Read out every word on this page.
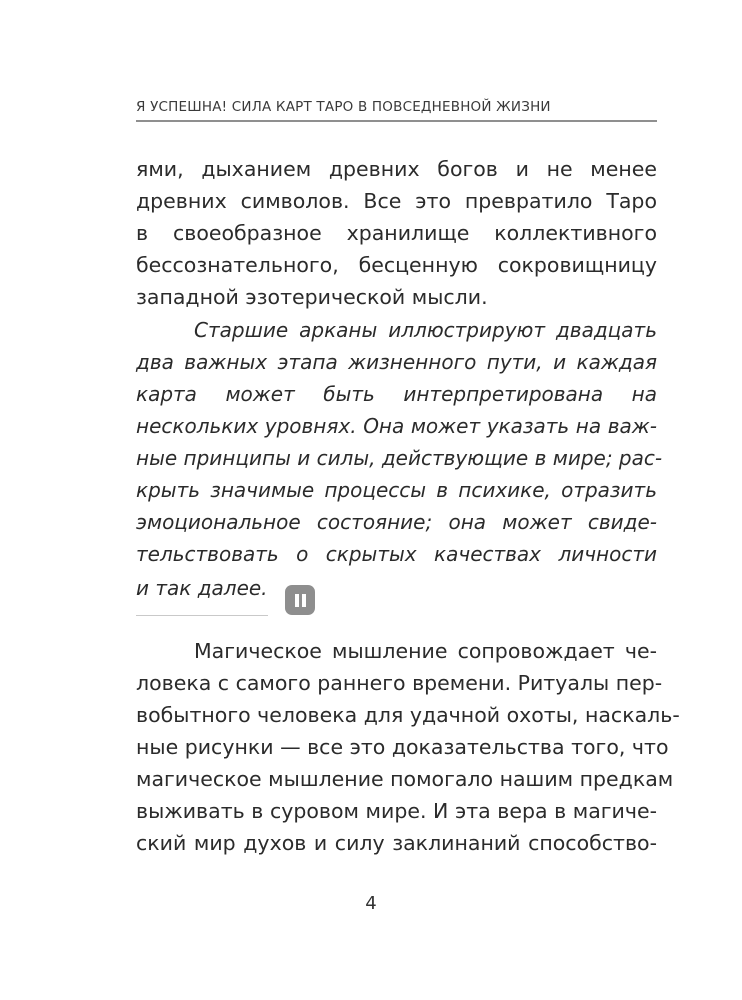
Я УСПЕШНА! СИЛА КАРТ ТАРО В ПОВСЕДНЕВНОЙ ЖИЗНИ
ями, дыханием древних богов и не менее
древних символов. Все это превратило Таро
в своеобразное хранилище коллективного
бессознательного, бесценную сокровищницу
западной эзотерической мысли.
Старшие арканы иллюстрируют двадцать
два важных этапа жизненного пути, и каждая
карта может быть интерпретирована на
нескольких уровнях. Она может указать на важ-
ные принципы и силы, действующие в мире; рас-
крыть значимые процессы в психике, отразить
эмоциональное состояние; она может свиде-
тельствовать о скрытых качествах личности
и так далее.
Магическое мышление сопровождает че-
ловека с самого раннего времени. Ритуалы пер-
вобытного человека для удачной охоты, наскаль-
ные рисунки — все это доказательства того, что
магическое мышление помогало нашим предкам
выживать в суровом мире. И эта вера в магиче-
ский мир духов и силу заклинаний способство-
4
